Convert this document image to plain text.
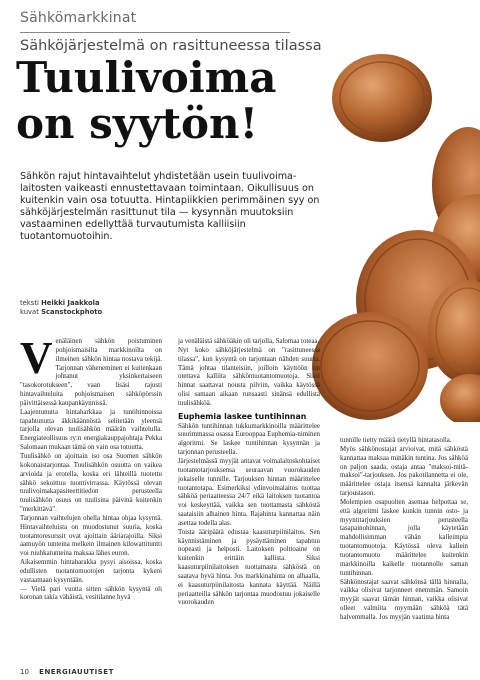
Sähkömarkkinat
Sähköjärjestelmä on rasittuneessa tilassa
Tuulivoima on syytön!
Sähkön rajut hintavaihtelut yhdistetään usein tuulivoima-laitosten vaikeasti ennustettavaan toimintaan. Oikullisuus on kuitenkin vain osa totuutta. Hintapiikkien perimmäinen syy on sähköjärjestelmän rasittunut tila — kysynnän muutoksiin vastaaminen edellyttää turvautumista kalliisiin tuotantomuotoihin.
teksti Heikki Jaakkola
kuvat Scanstockphoto

Venäläinen sähkön poistuminen pohjoismaisilta markkinoilta on ilmeinen sähkön hintaa nostava tekijä. Tarjonnan väheneminen ei kuitenkaan johtanut yksinkertaiseen "tasokorotukseen", vaan lisäsi rajusti hintavaihteluita pohjoismaisen sähköpörssin päivittäisessä kaupankäynnissä.

Laajentunutta hintaharkkaa ja tuntihinnoissa tapahtunutta äkkikäännöstä selitetään yleensä tarjolla olevan tuulisähkön määrän vaihtelulla. Energiateollisuus ry:n energiakauppajohtaja Pekka Salomaan mukaan tämä on vain osa totuutta.

Tuulisähkö on ajoittain iso osa Suomen sähkön kokonaistarjontaa. Tuulisähkön osuutta on vaikea arvioida ja erotella, koska eri lähteillä tuotettu sähkö sekoittuu tuontivirrassa. Käytössä olevan tuulivoimakapasiteettitiedon perusteella tuulisähkön osuus on tuulisina päivinä kuitenkin "merkittävä".

Tarjonnan vaihtelujen ohella hintaa ohjaa kysyntä. Hintavaihteluista on muodostunut suuria, koska tuotantoresurssit ovat ajoittain ääriarajoilla. Siksi aamuyön tunteina melkein ilmainen kilowattituntti voi ruuhkatunteina maksaa lähes euron.

Aikaisemmin hintaharakka pysyi aisoissa, koska edullisten tuotantomuotojen tarjonta kykeni vastaamaan kysyntään.

— Vielä pari vuotta sitten sähkön kysyntä oli koronan takia vähäistä, vesitilanne hyvä

ja venäläistä sähköäkin oli tarjolla, Salomaa toteaa.

Nyt koko sähköjärjestelmä on "rasittuneessa tilassa", kun kysyntä on tarjontaan nähden suurta. Tämä johtaa tilanteisiin, joilloin käyttöön on otettava kalliita sähköntuotantomuotoja. Siksi hinnat saattavat nousta pilviin, vaikka käytössä olisi samaan aikaan runsaasti sinänsä edullista tuulisähköä.

Euphemia laskee tuntihinnan

Sähkön tuntihinnan tukkumarkkinoilla määrittelee suurimmassa osassa Eurooppaa Euphemia-niminen algoritmi. Se laskee tuntihinnan kysynnän ja tarjonnan perusteella.

Järjestelmässä myyjät antavat voimalaitoskohtaiset tuotantotarjouksensa seuraavan vuorokauden jokaiselle tunnille. Tarjouksen hinnan määrittelee tuotantotapa. Esimerkiksi ydinvoimalaitos tuottaa sähköä periaatteessa 24/7 eikä laitoksen tuotantoa voi keskeyttää, vaikka sen tuottamasta sähköstä saataisiin alhainen hinta. Rajahinta kannattaa näin asettaa todella alas.

Toista ääripäätä edustaa kaasuturpiinilaitos. Sen käynnistäminen ja pysäyttäminen tapahtuu nopeasti ja helposti. Laitoksen polttoaine on kuitenkin erittäin kallista. Siksi kaasuturpiinilaitoksen tuottamasta sähköstä on saatava hyvä hinta. Jos markkinahinta on alhaalla, ei kaasuturpiinilaitosta kannata käyttää. Näillä periaatteilla sähkön tarjontaa muodostuu jokaiselle vuorokauden

tunnille tietty määrä tietyllä hintatasolla.

Myös sähkönostajat arvioivat, mitä sähköstä kannattaa maksaa minäkin tuntina. Jos sähköä on paljon saada, ostaja antaa "maksoi-mitä-maksoi"-tarjouksen. Jos pakotilannetta ei ole, määrittelee ostaja itsensä kannalta järkevän tarjoustason.

Molempien osapuolten asemaa helpottaa se, että algoritmi laskee kunkin tunnin osto- ja myyntitarjouksien perusteella tasapainohinnan, jolla käytetään mahdollisimman vähän kalleimpia tuotantomuotoja. Käytössä oleva kallein tuotantomuoto määrittelee kuitenkin markkinoilla kaikelle tuotannolle saman tuntihinnan.

Sähkönostajat saavat sähkönsä tällä hinnalla, vaikka olisivat tarjonneet enemmän. Samoin myyjät saavat tämän hinnan, vaikka olisivat olleet valmiita myymään sähköä tätä halvemmalla. Jos myyjän vaatima hinta

10 ENERGIAUUTISET
